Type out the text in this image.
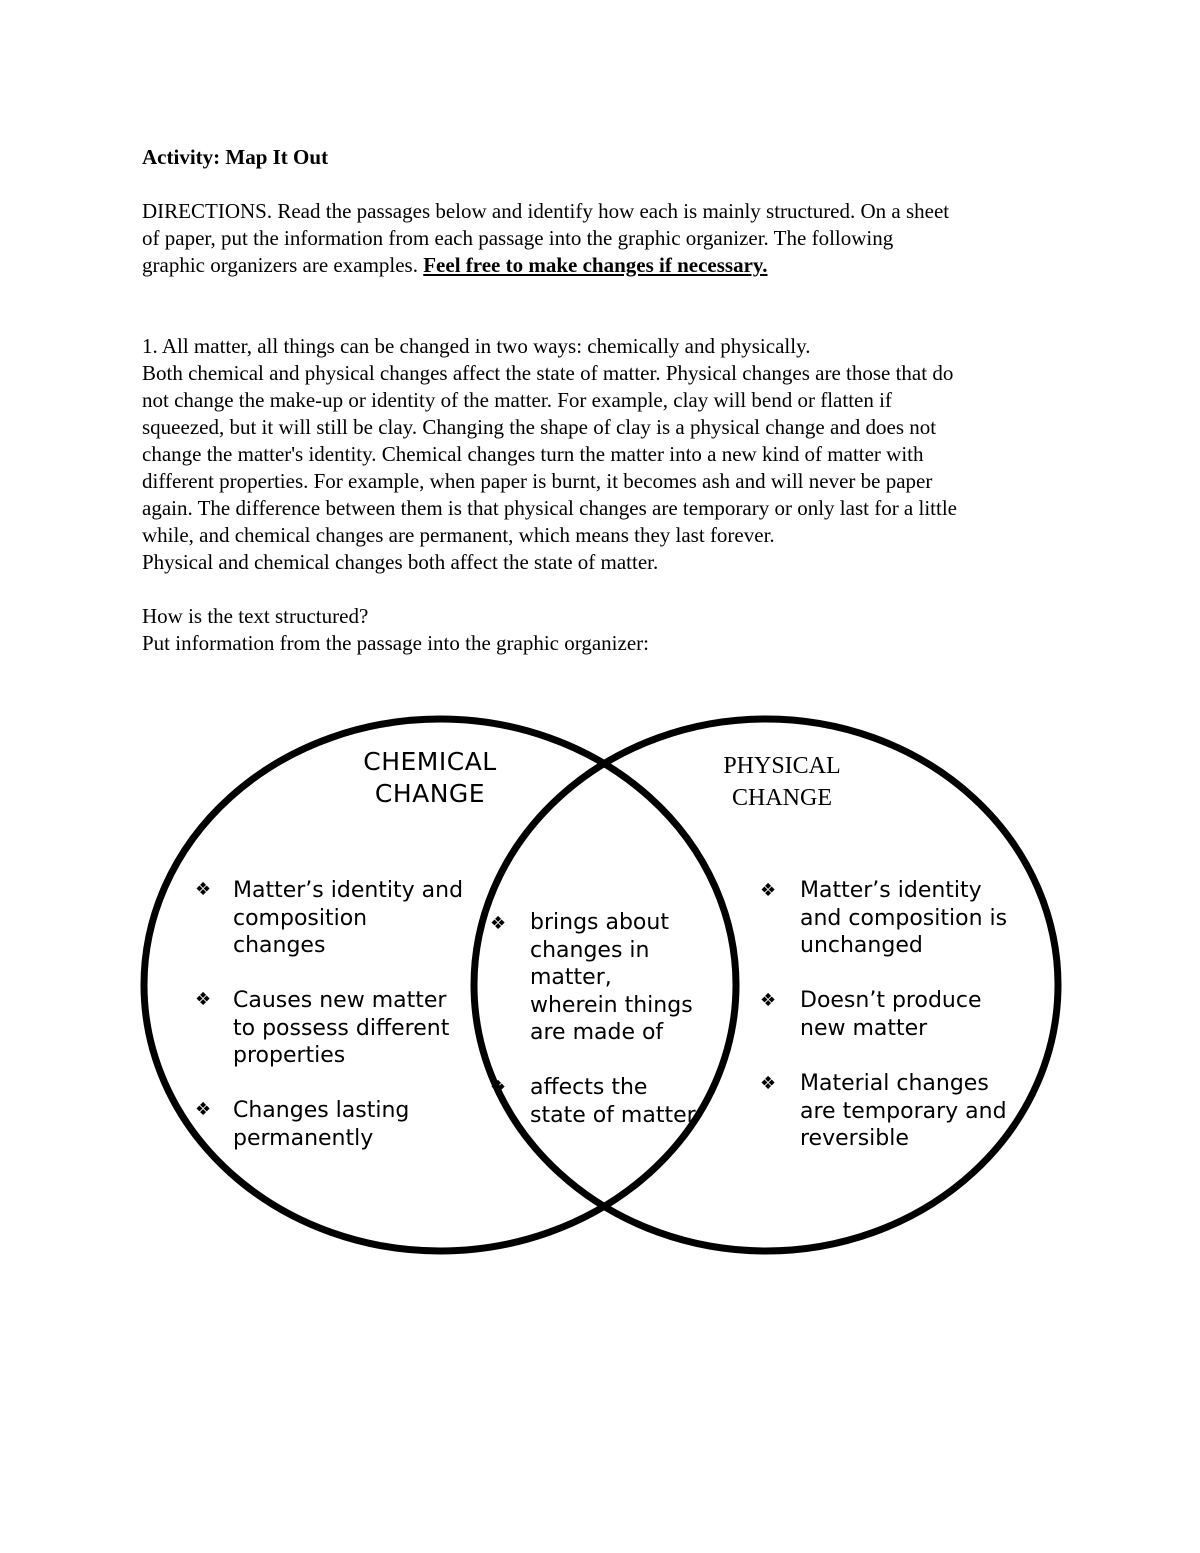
Activity: Map It Out
DIRECTIONS. Read the passages below and identify how each is mainly structured. On a sheet
of paper, put the information from each passage into the graphic organizer. The following
graphic organizers are examples. Feel free to make changes if necessary.
1. All matter, all things can be changed in two ways: chemically and physically.
Both chemical and physical changes affect the state of matter. Physical changes are those that do
not change the make-up or identity of the matter. For example, clay will bend or flatten if
squeezed, but it will still be clay. Changing the shape of clay is a physical change and does not
change the matter's identity. Chemical changes turn the matter into a new kind of matter with
different properties. For example, when paper is burnt, it becomes ash and will never be paper
again. The difference between them is that physical changes are temporary or only last for a little
while, and chemical changes are permanent, which means they last forever.
Physical and chemical changes both affect the state of matter.
How is the text structured?
Put information from the passage into the graphic organizer:
CHEMICAL
CHANGE
PHYSICAL
CHANGE
❖ Matter’s identity and
composition
changes
❖ Causes new matter
to possess different
properties
❖ Changes lasting
permanently
❖ brings about
changes in
matter,
wherein things
are made of
❖ affects the
state of matter
❖ Matter’s identity
and composition is
unchanged
❖ Doesn’t produce
new matter
❖ Material changes
are temporary and
reversible
